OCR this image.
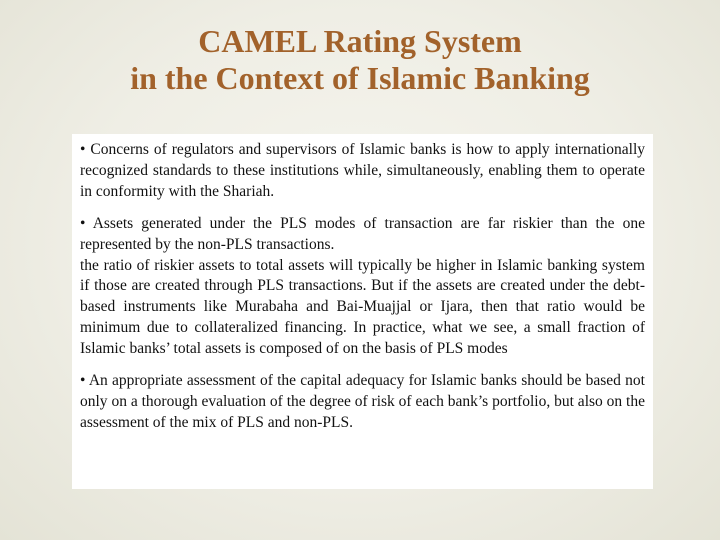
CAMEL Rating System
in the Context of Islamic Banking

• Concerns of regulators and supervisors of Islamic banks is how to apply internationally recognized standards to these institutions while, simultaneously, enabling them to operate in conformity with the Shariah.

• Assets generated under the PLS modes of transaction are far riskier than the one represented by the non-PLS transactions.

the ratio of riskier assets to total assets will typically be higher in Islamic banking system if those are created through PLS transactions. But if the assets are created under the debt-based instruments like Murabaha and Bai-Muajjal or Ijara, then that ratio would be minimum due to collateralized financing. In practice, what we see, a small fraction of Islamic banks’ total assets is composed of on the basis of PLS modes

• An appropriate assessment of the capital adequacy for Islamic banks should be based not only on a thorough evaluation of the degree of risk of each bank’s portfolio, but also on the assessment of the mix of PLS and non-PLS.
